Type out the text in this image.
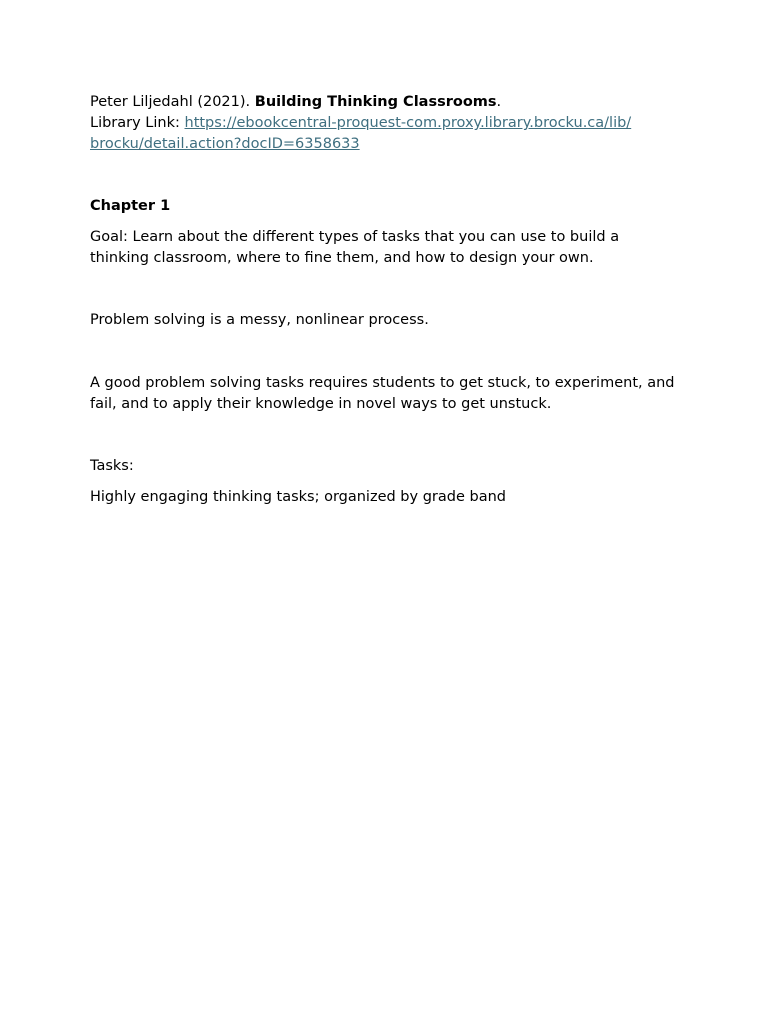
Peter Liljedahl (2021). Building Thinking Classrooms.

Library Link: https://ebookcentral-proquest-com.proxy.library.brocku.ca/lib/
brocku/detail.action?docID=6358633

Chapter 1

Goal: Learn about the different types of tasks that you can use to build a thinking classroom, where to fine them, and how to design your own.

Problem solving is a messy, nonlinear process.

A good problem solving tasks requires students to get stuck, to experiment, and fail, and to apply their knowledge in novel ways to get unstuck.

Tasks:

Highly engaging thinking tasks; organized by grade band
